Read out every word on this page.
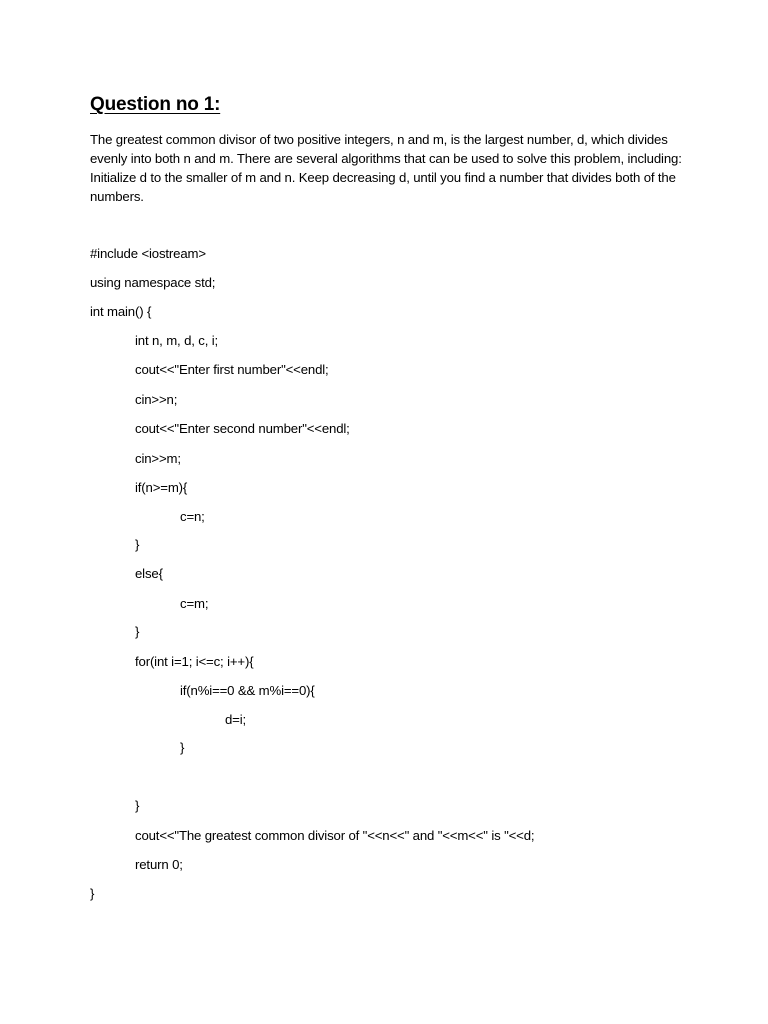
Question no 1:
The greatest common divisor of two positive integers, n and m, is the largest number, d, which divides
evenly into both n and m. There are several algorithms that can be used to solve this problem, including:
Initialize d to the smaller of m and n. Keep decreasing d, until you find a number that divides both of the
numbers.
#include <iostream>
using namespace std;
int main() {
int n, m, d, c, i;
cout<<"Enter first number"<<endl;
cin>>n;
cout<<"Enter second number"<<endl;
cin>>m;
if(n>=m){
c=n;
}
else{
c=m;
}
for(int i=1; i<=c; i++){
if(n%i==0 && m%i==0){
d=i;
}
}
cout<<"The greatest common divisor of "<<n<<" and "<<m<<" is "<<d;
return 0;
}
